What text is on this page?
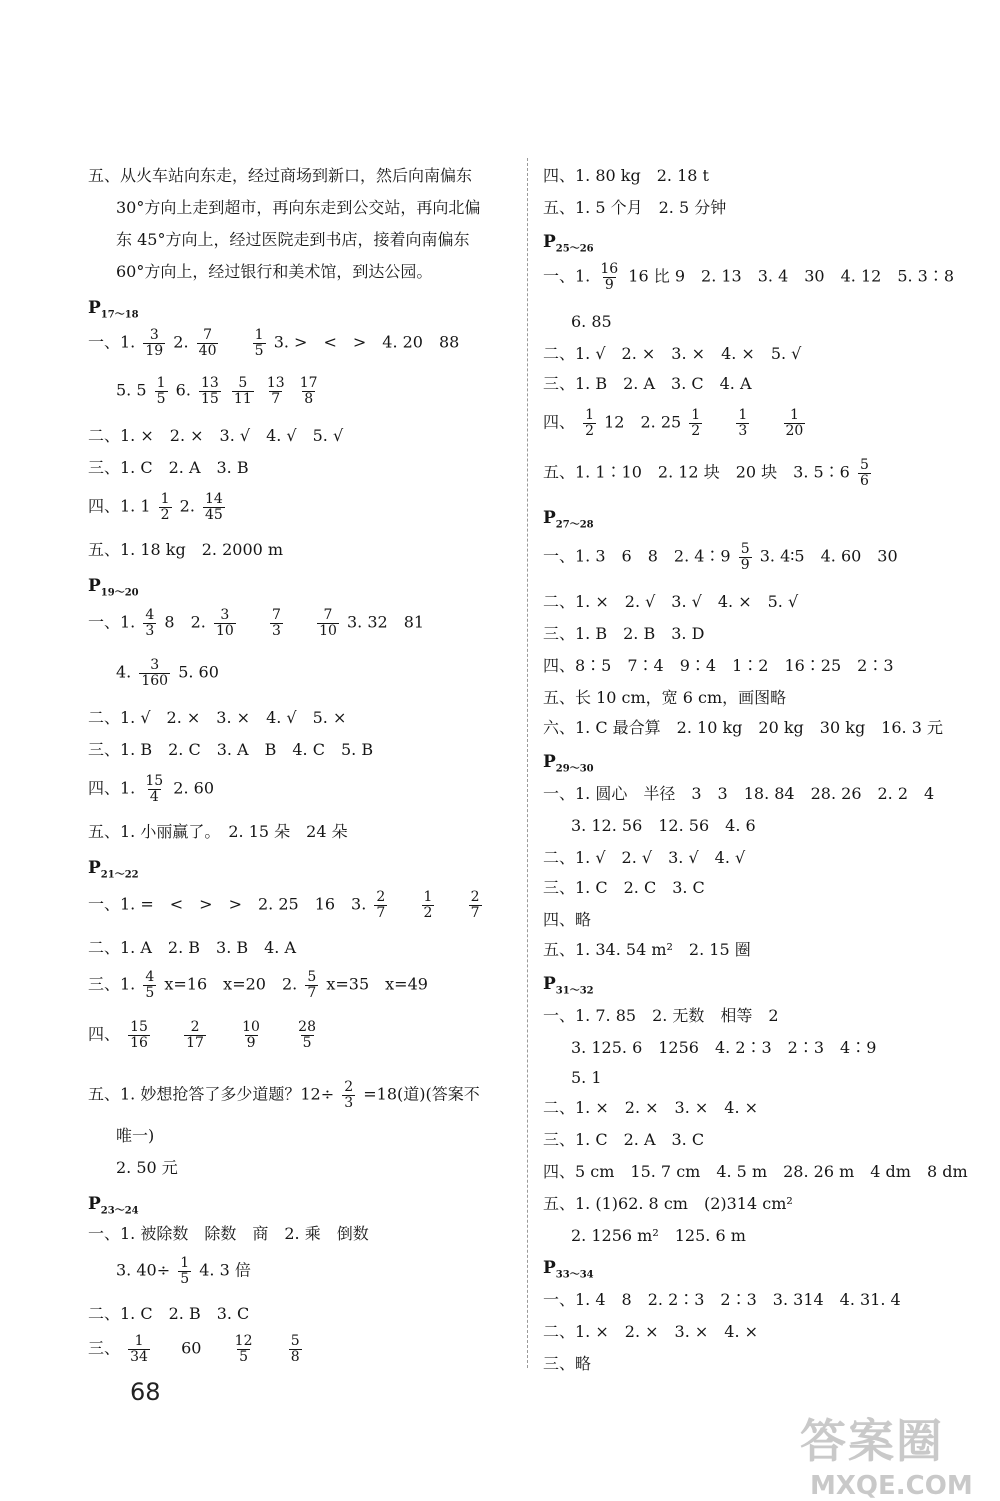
五、从火车站向东走，经过商场到新口，然后向南偏东
30°方向上走到超市，再向东走到公交站，再向北偏
东 45°方向上，经过医院走到书店，接着向南偏东
60°方向上，经过银行和美术馆，到达公园。
$P_{17\sim 18}$
一、1. $\frac{3}{19} 2$. $\frac{7}{40}$
$\frac{1}{5} 3$. >　<　>　4. 20　88
5. $5 \frac{1}{5} 6$. $\frac{13}{15}$
$\frac{5}{11}$
$\frac{13}{7}$
$\frac{17}{8}$
二、1. ×　2. ×　3. √　4. √　5. √
三、1. C　2. A　3. B
四、1. $1 \frac{1}{2} 2$. $\frac{14}{45}$
五、1. 18 kg　2. 2000 m
$P_{19\sim 20}$
一、1. $\frac{4}{3} 8$　2. $\frac{3}{10}$
$\frac{7}{3}$
$\frac{7}{10} 3$. 32　81
4. $\frac{3}{160} 5$. 60
二、1. √　2. ×　3. ×　4. √　5. ×
三、1. B　2. C　3. A　B　4. C　5. B
四、1. $\frac{15}{4} 2$. 60
五、1. 小丽赢了。　2. 15 朵　24 朵
$P_{21\sim 22}$
一、1. =　<　>　>　2. 25　16　3. $\frac{2}{7}$
$\frac{1}{2}$
$\frac{2}{7}$
二、1. A　2. B　3. B　4. A
三、1. $\frac{4}{5} x=16$　x=20　2. $\frac{5}{7} x=35$　x=49
四、 $\frac{15}{16}$
$\frac{2}{17}$
$\frac{10}{9}$
$\frac{28}{5}$
五、1. 妙想抢答了多少道题？$12\div \frac{2}{3} =18$(道)(答案不
唯一)
2. 50 元
$P_{23\sim 24}$
一、1. 被除数　除数　商　2. 乘　倒数
3. $40\div \frac{1}{5} 4$. 3 倍
二、1. C　2. B　3. C
三、 $\frac{1}{34} 60 \frac{12}{5}$
$\frac{5}{8}$
四、1. 80 kg　2. 18 t
五、1. 5 个月　2. 5 分钟
$P_{25\sim 26}$
一、1. $\frac{16}{9} 16$ 比 9　2. 13　3. 4　30　4. 12　5. 3∶8
6. 85
二、1. √　2. ×　3. ×　4. ×　5. √
三、1. B　2. A　3. C　4. A
四、 $\frac{1}{2} 12$　2. $25 \frac{1}{2}$
$\frac{1}{3}$
$\frac{1}{20}$
五、1. 1∶10　2. 12 块　20 块　3. 5∶6 $\frac{5}{6}$
$P_{27\sim 28}$
一、1. 3　6　8　2. 4∶9 $\frac{5}{9} 3$. 4∶5　4. 60　30
二、1. ×　2. √　3. √　4. ×　5. √
三、1. B　2. B　3. D
四、8∶5　7∶4　9∶4　1∶2　16∶25　2∶3
五、长 10 cm，宽 6 cm，画图略
六、1. C 最合算　2. 10 kg　20 kg　30 kg　16. 3 元
$P_{29\sim 30}$
一、1. 圆心　半径　3　3　18. 84　28. 26　2. 2　4
3. 12. 56　12. 56　4. 6
二、1. √　2. √　3. √　4. √
三、1. C　2. C　3. C
四、略
五、1. 34. 54 m²　2. 15 圈
$P_{31\sim 32}$
一、1. 7. 85　2. 无数　相等　2
3. 125. 6　1256　4. 2∶3　2∶3　4∶9
5. 1
二、1. ×　2. ×　3. ×　4. ×
三、1. C　2. A　3. C
四、5 cm　15. 7 cm　4. 5 m　28. 26 m　4 dm　8 dm
五、1. (1)62. 8 cm　(2)314 cm²
2. 1256 m²　125. 6 m
$P_{33\sim 34}$
一、1. 4　8　2. 2∶3　2∶3　3. 314　4. 31. 4
二、1. ×　2. ×　3. ×　4. ×
三、略
68
答案圈
MXQE.COM
